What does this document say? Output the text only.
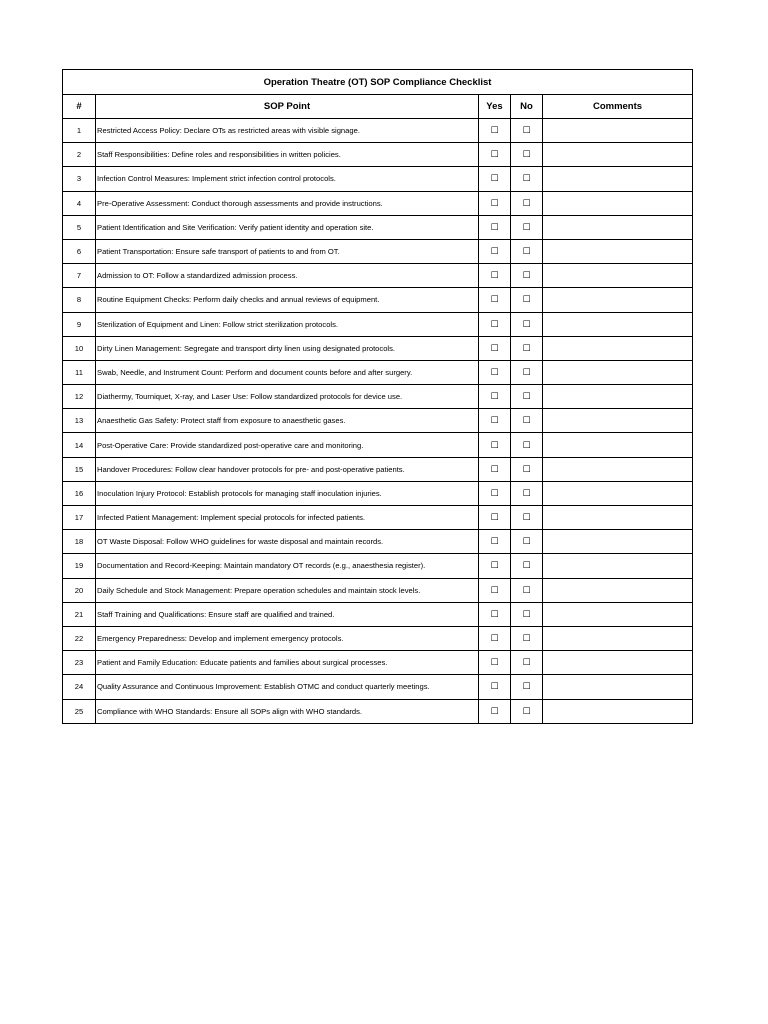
Operation Theatre (OT) SOP Compliance Checklist				
#	SOP Point	Yes	No	Comments
1	Restricted Access Policy: Declare OTs as restricted areas with visible signage.	☐	☐	
2	Staff Responsibilities: Define roles and responsibilities in written policies.	☐	☐	
3	Infection Control Measures: Implement strict infection control protocols.	☐	☐	
4	Pre-Operative Assessment: Conduct thorough assessments and provide instructions.	☐	☐	
5	Patient Identification and Site Verification: Verify patient identity and operation site.	☐	☐	
6	Patient Transportation: Ensure safe transport of patients to and from OT.	☐	☐	
7	Admission to OT: Follow a standardized admission process.	☐	☐	
8	Routine Equipment Checks: Perform daily checks and annual reviews of equipment.	☐	☐	
9	Sterilization of Equipment and Linen: Follow strict sterilization protocols.	☐	☐	
10	Dirty Linen Management: Segregate and transport dirty linen using designated protocols.	☐	☐	
11	Swab, Needle, and Instrument Count: Perform and document counts before and after surgery.	☐	☐	
12	Diathermy, Tourniquet, X-ray, and Laser Use: Follow standardized protocols for device use.	☐	☐	
13	Anaesthetic Gas Safety: Protect staff from exposure to anaesthetic gases.	☐	☐	
14	Post-Operative Care: Provide standardized post-operative care and monitoring.	☐	☐	
15	Handover Procedures: Follow clear handover protocols for pre- and post-operative patients.	☐	☐	
16	Inoculation Injury Protocol: Establish protocols for managing staff inoculation injuries.	☐	☐	
17	Infected Patient Management: Implement special protocols for infected patients.	☐	☐	
18	OT Waste Disposal: Follow WHO guidelines for waste disposal and maintain records.	☐	☐	
19	Documentation and Record-Keeping: Maintain mandatory OT records (e.g., anaesthesia register).	☐	☐	
20	Daily Schedule and Stock Management: Prepare operation schedules and maintain stock levels.	☐	☐	
21	Staff Training and Qualifications: Ensure staff are qualified and trained.	☐	☐	
22	Emergency Preparedness: Develop and implement emergency protocols.	☐	☐	
23	Patient and Family Education: Educate patients and families about surgical processes.	☐	☐	
24	Quality Assurance and Continuous Improvement: Establish OTMC and conduct quarterly meetings.	☐	☐	
25	Compliance with WHO Standards: Ensure all SOPs align with WHO standards.	☐	☐	
